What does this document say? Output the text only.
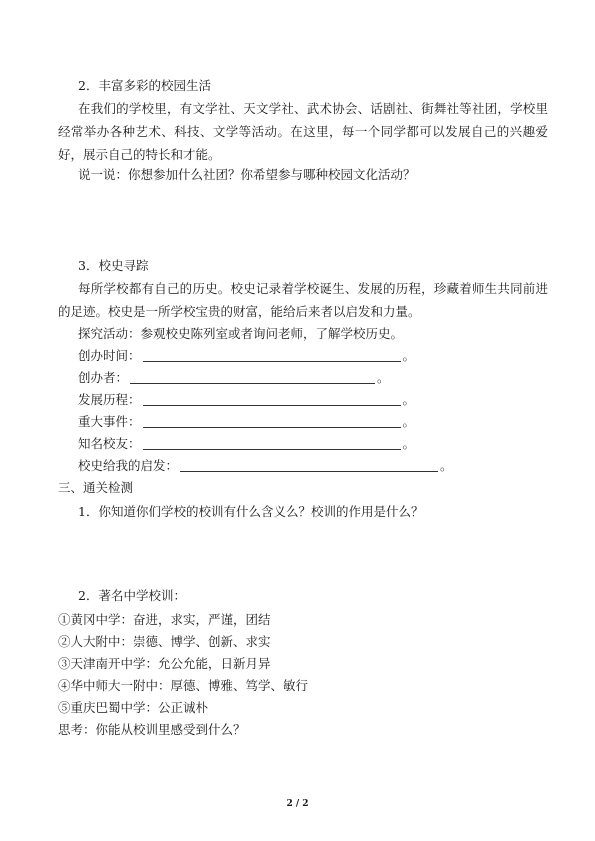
2．丰富多彩的校园生活
在我们的学校里，有文学社、天文学社、武术协会、话剧社、街舞社等社团，学校里经常举办各种艺术、科技、文学等活动。在这里，每一个同学都可以发展自己的兴趣爱好，展示自己的特长和才能。
说一说：你想参加什么社团？你希望参与哪种校园文化活动？
3．校史寻踪
每所学校都有自己的历史。校史记录着学校诞生、发展的历程，珍藏着师生共同前进的足迹。校史是一所学校宝贵的财富，能给后来者以启发和力量。
探究活动：参观校史陈列室或者询问老师，了解学校历史。
创办时间：	。
创办者：	。
发展历程：	。
重大事件：	。
知名校友：	。
校史给我的启发：	。
三、通关检测
1．你知道你们学校的校训有什么含义么？校训的作用是什么？
2．著名中学校训：
①黄冈中学：奋进，求实，严谨，团结
②人大附中：崇德、博学、创新、求实
③天津南开中学：允公允能，日新月异
④华中师大一附中：厚德、博雅、笃学、敏行
⑤重庆巴蜀中学：公正诚朴
思考：你能从校训里感受到什么？
2 / 2
